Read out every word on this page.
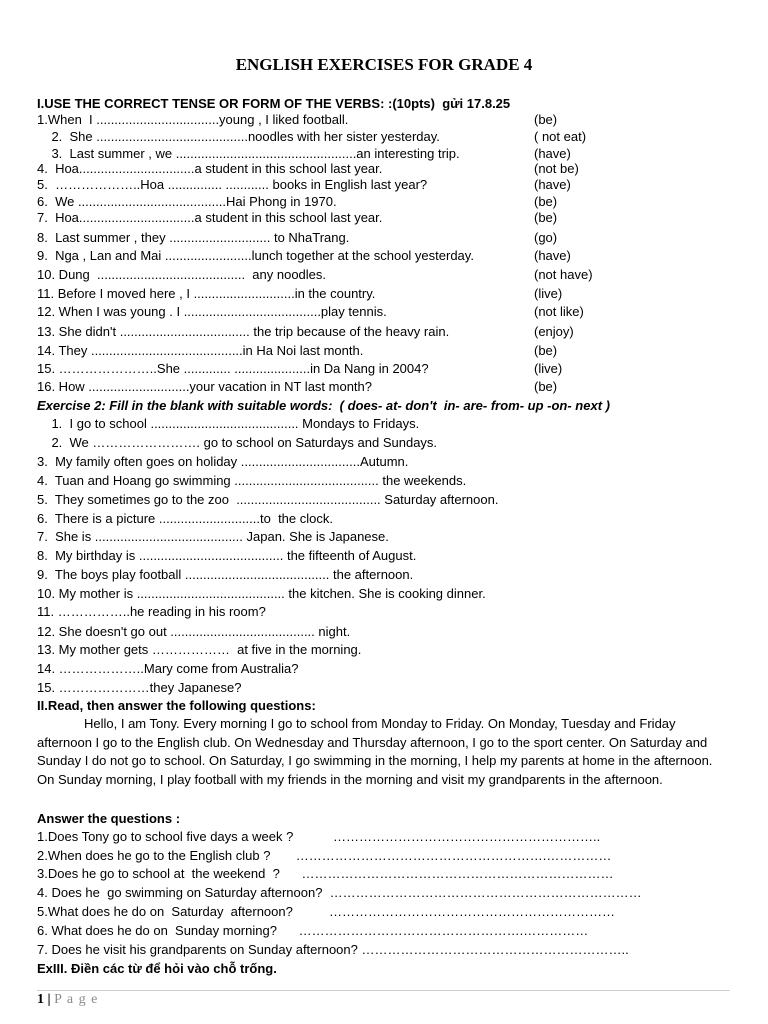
ENGLISH EXERCISES FOR GRADE 4
I.USE THE CORRECT TENSE OR FORM OF THE VERBS: :(10pts)  gửi 17.8.25
1.When  I ..................................young , I liked football.	(be)
2.  She ..........................................noodles with her sister yesterday.	( not eat)
3.  Last summer , we ..................................................an interesting trip.	(have)
4.  Hoa................................a student in this school last year.	(not be)
5.  ………………..Hoa ............... ............ books in English last year?	(have)
6.  We .........................................Hai Phong in 1970.	(be)
7.  Hoa................................a student in this school last year.	(be)
8.  Last summer , they ............................ to NhaTrang.	(go)
9.  Nga , Lan and Mai ........................lunch together at the school yesterday.	(have)
10. Dung  .........................................  any noodles.	(not have)
11. Before I moved here , I ............................in the country.	(live)
12. When I was young . I ......................................play tennis.	(not like)
13. She didn't .................................... the trip because of the heavy rain.	(enjoy)
14. They ..........................................in Ha Noi last month.	(be)
15. …………………..She ............. .....................in Da Nang in 2004?	(live)
16. How ............................your vacation in NT last month?	(be)
Exercise 2: Fill in the blank with suitable words:  ( does- at- don't  in- are- from- up -on- next )
1.  I go to school ......................................... Mondays to Fridays.
2.  We ……………………. go to school on Saturdays and Sundays.
3.  My family often goes on holiday .................................Autumn.
4.  Tuan and Hoang go swimming ........................................ the weekends.
5.  They sometimes go to the zoo  ........................................ Saturday afternoon.
6.  There is a picture ............................to  the clock.
7.  She is ......................................... Japan. She is Japanese.
8.  My birthday is ........................................ the fifteenth of August.
9.  The boys play football ........................................ the afternoon.
10. My mother is ......................................... the kitchen. She is cooking dinner.
11. ……………..he reading in his room?
12. She doesn't go out ........................................ night.
13. My mother gets ………………  at five in the morning.
14. ………………..Mary come from Australia?
15. …………………they Japanese?
II.Read, then answer the following questions:
Hello, I am Tony. Every morning I go to school from Monday to Friday. On Monday, Tuesday and Friday afternoon I go to the English club. On Wednesday and Thursday afternoon, I go to the sport center. On Saturday and Sunday I do not go to school. On Saturday, I go swimming in the morning, I help my parents at home in the afternoon. On Sunday morning, I play football with my friends in the morning and visit my grandparents in the afternoon.
Answer the questions :
1.Does Tony go to school five days a week ?           ……………………………………………………..
2.When does he go to the English club ?       ………………………………………………….……………
3.Does he go to school at  the weekend  ?      ………………………………………………………………
4. Does he  go swimming on Saturday afternoon?  ………………………………………………………………
5.What does he do on  Saturday  afternoon?          …………………………………………………………
6. What does he do on  Sunday morning?      …………………………………………….……………
7. Does he visit his grandparents on Sunday afternoon? ……………………………………………………..
ExIII. Điền các từ để hỏi vào chỗ trống.
1 | P a g e
